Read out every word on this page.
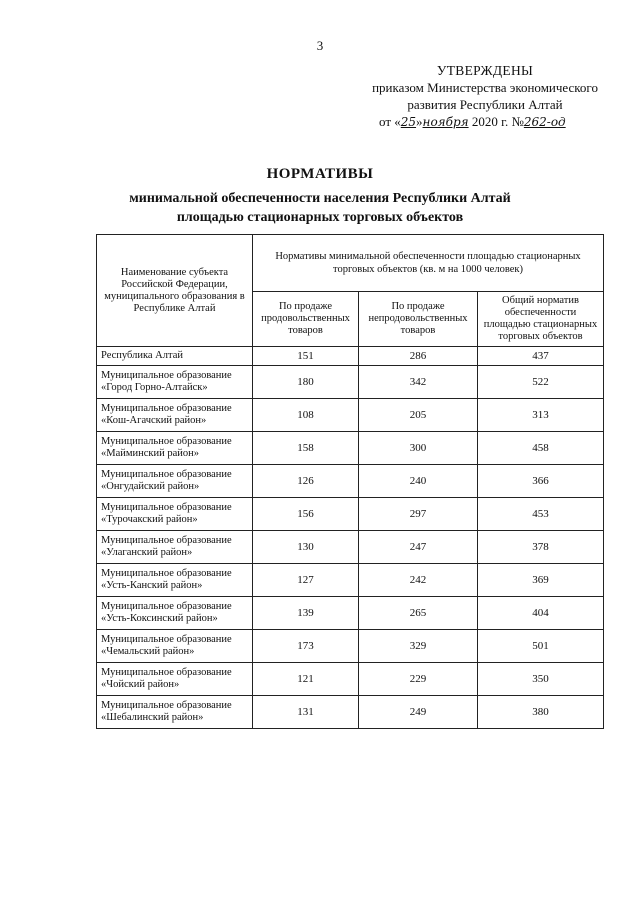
3
УТВЕРЖДЕНЫ
приказом Министерства экономического
развития Республики Алтай
от «25»ноября 2020 г. №262-од
НОРМАТИВЫ
минимальной обеспеченности населения Республики Алтай
площадью стационарных торговых объектов
Наименование субъекта Российской Федерации, муниципального образования в Республике Алтай	Нормативы минимальной обеспеченности площадью стационарных торговых объектов (кв. м на 1000 человек)		
	По продаже продовольственных товаров	По продаже непродовольственных товаров	Общий норматив обеспеченности площадью стационарных торговых объектов
Республика Алтай	151	286	437
Муниципальное образование «Город Горно-Алтайск»	180	342	522
Муниципальное образование «Кош-Агачский район»	108	205	313
Муниципальное образование «Майминский район»	158	300	458
Муниципальное образование «Онгудайский район»	126	240	366
Муниципальное образование «Турочакский район»	156	297	453
Муниципальное образование «Улаганский район»	130	247	378
Муниципальное образование «Усть-Канский район»	127	242	369
Муниципальное образование «Усть-Коксинский район»	139	265	404
Муниципальное образование «Чемальский район»	173	329	501
Муниципальное образование «Чойский район»	121	229	350
Муниципальное образование «Шебалинский район»	131	249	380
